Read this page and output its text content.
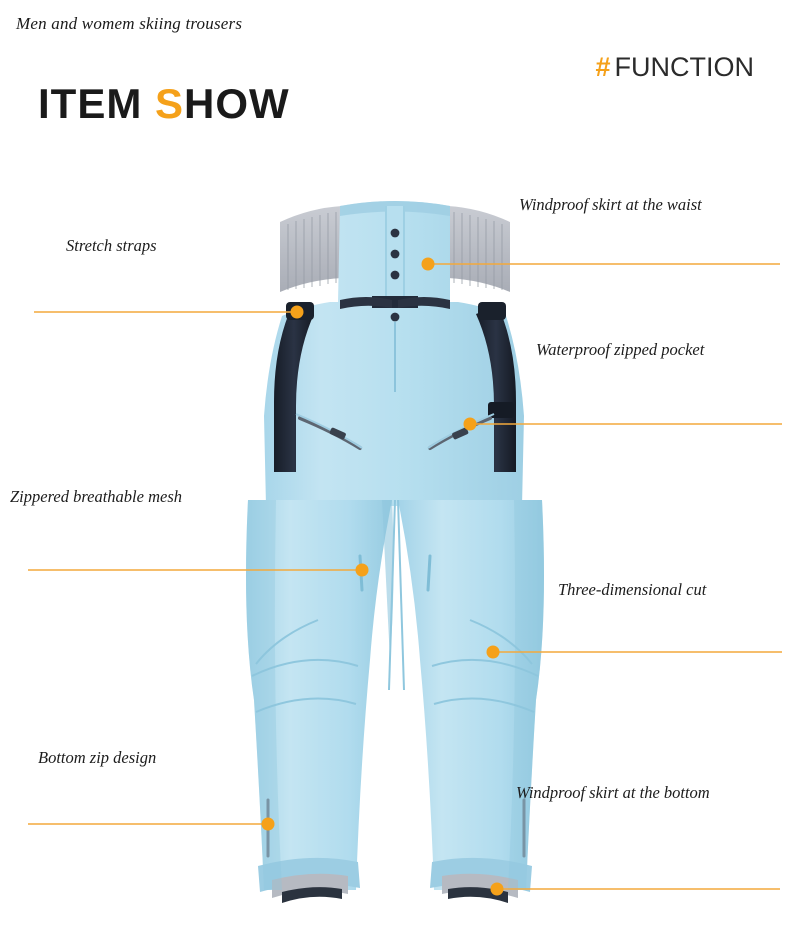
Men and womem skiing trousers
# FUNCTION
ITEM SHOW
Windproof skirt at the waist
Stretch straps
Waterproof zipped pocket
Zippered breathable mesh
Three-dimensional cut
Bottom zip design
Windproof skirt at the bottom
